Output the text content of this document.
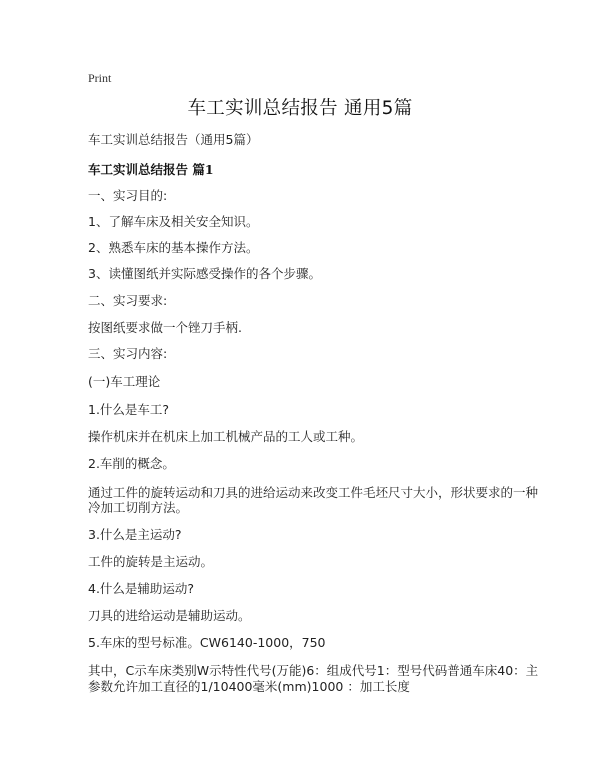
Print
车工实训总结报告 通用5篇
车工实训总结报告（通用5篇）
车工实训总结报告 篇1
一、实习目的:
1、了解车床及相关安全知识。
2、熟悉车床的基本操作方法。
3、读懂图纸并实际感受操作的各个步骤。
二、实习要求:
按图纸要求做一个锉刀手柄.
三、实习内容:
(一)车工理论
1.什么是车工?
操作机床并在机床上加工机械产品的工人或工种。
2.车削的概念。
通过工件的旋转运动和刀具的进给运动来改变工件毛坯尺寸大小，形状要求的一种
冷加工切削方法。
3.什么是主运动?
工件的旋转是主运动。
4.什么是辅助运动?
刀具的进给运动是辅助运动。
5.车床的型号标准。CW6140-1000，750
其中，C示车床类别W示特性代号(万能)6：组成代号1：型号代码普通车床40：主
参数允许加工直径的1/10400毫米(mm)1000 ：加工长度
